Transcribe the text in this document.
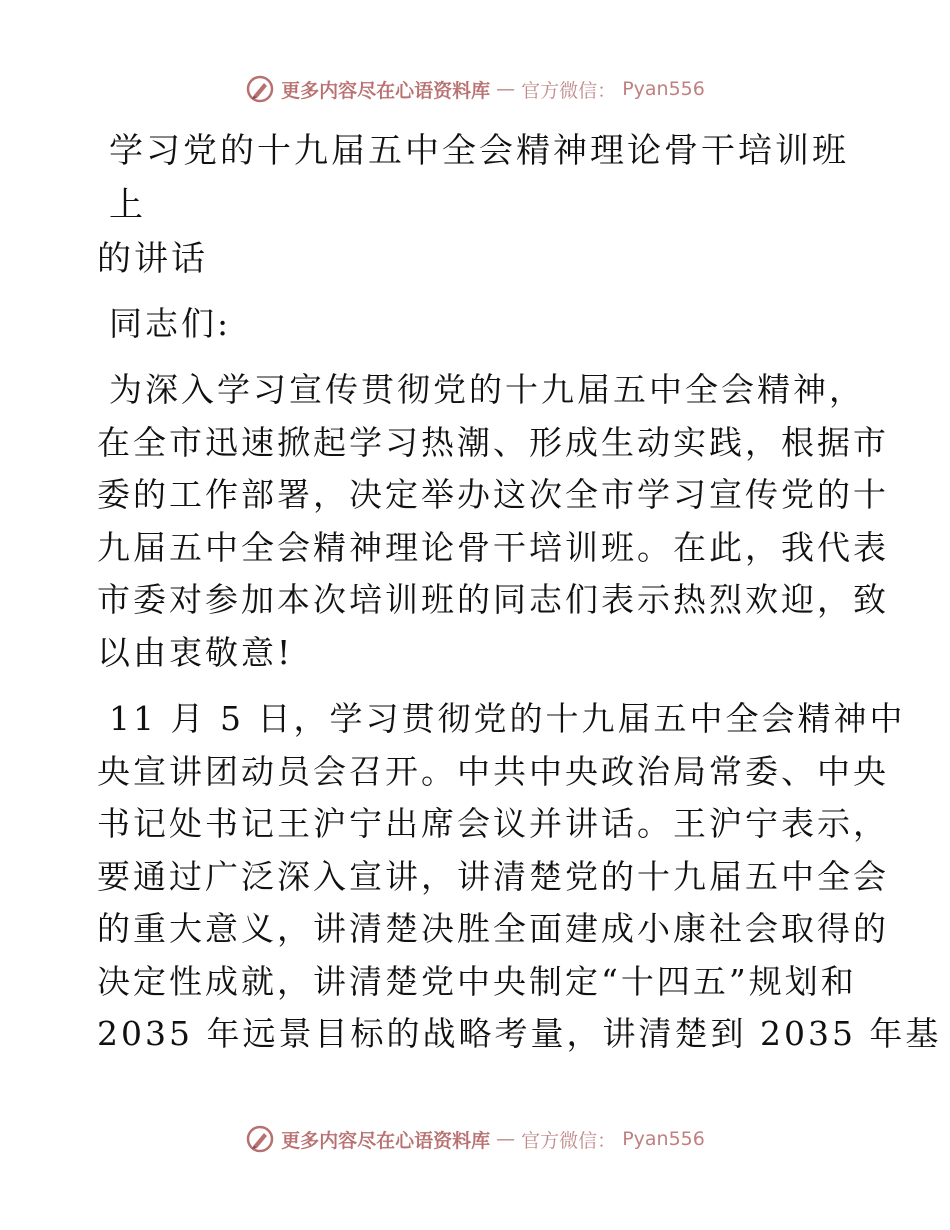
更多内容尽在心语资料库 — 官方微信： Pyan556
学习党的十九届五中全会精神理论骨干培训班上
的讲话
同志们:
为深入学习宣传贯彻党的十九届五中全会精神，
在全市迅速掀起学习热潮、形成生动实践，根据市
委的工作部署，决定举办这次全市学习宣传党的十
九届五中全会精神理论骨干培训班。在此，我代表
市委对参加本次培训班的同志们表示热烈欢迎，致
以由衷敬意!
11 月 5 日，学习贯彻党的十九届五中全会精神中
央宣讲团动员会召开。中共中央政治局常委、中央
书记处书记王沪宁出席会议并讲话。王沪宁表示，
要通过广泛深入宣讲，讲清楚党的十九届五中全会
的重大意义，讲清楚决胜全面建成小康社会取得的
决定性成就，讲清楚党中央制定“十四五”规划和
2035 年远景目标的战略考量，讲清楚到 2035 年基
更多内容尽在心语资料库 — 官方微信： Pyan556
